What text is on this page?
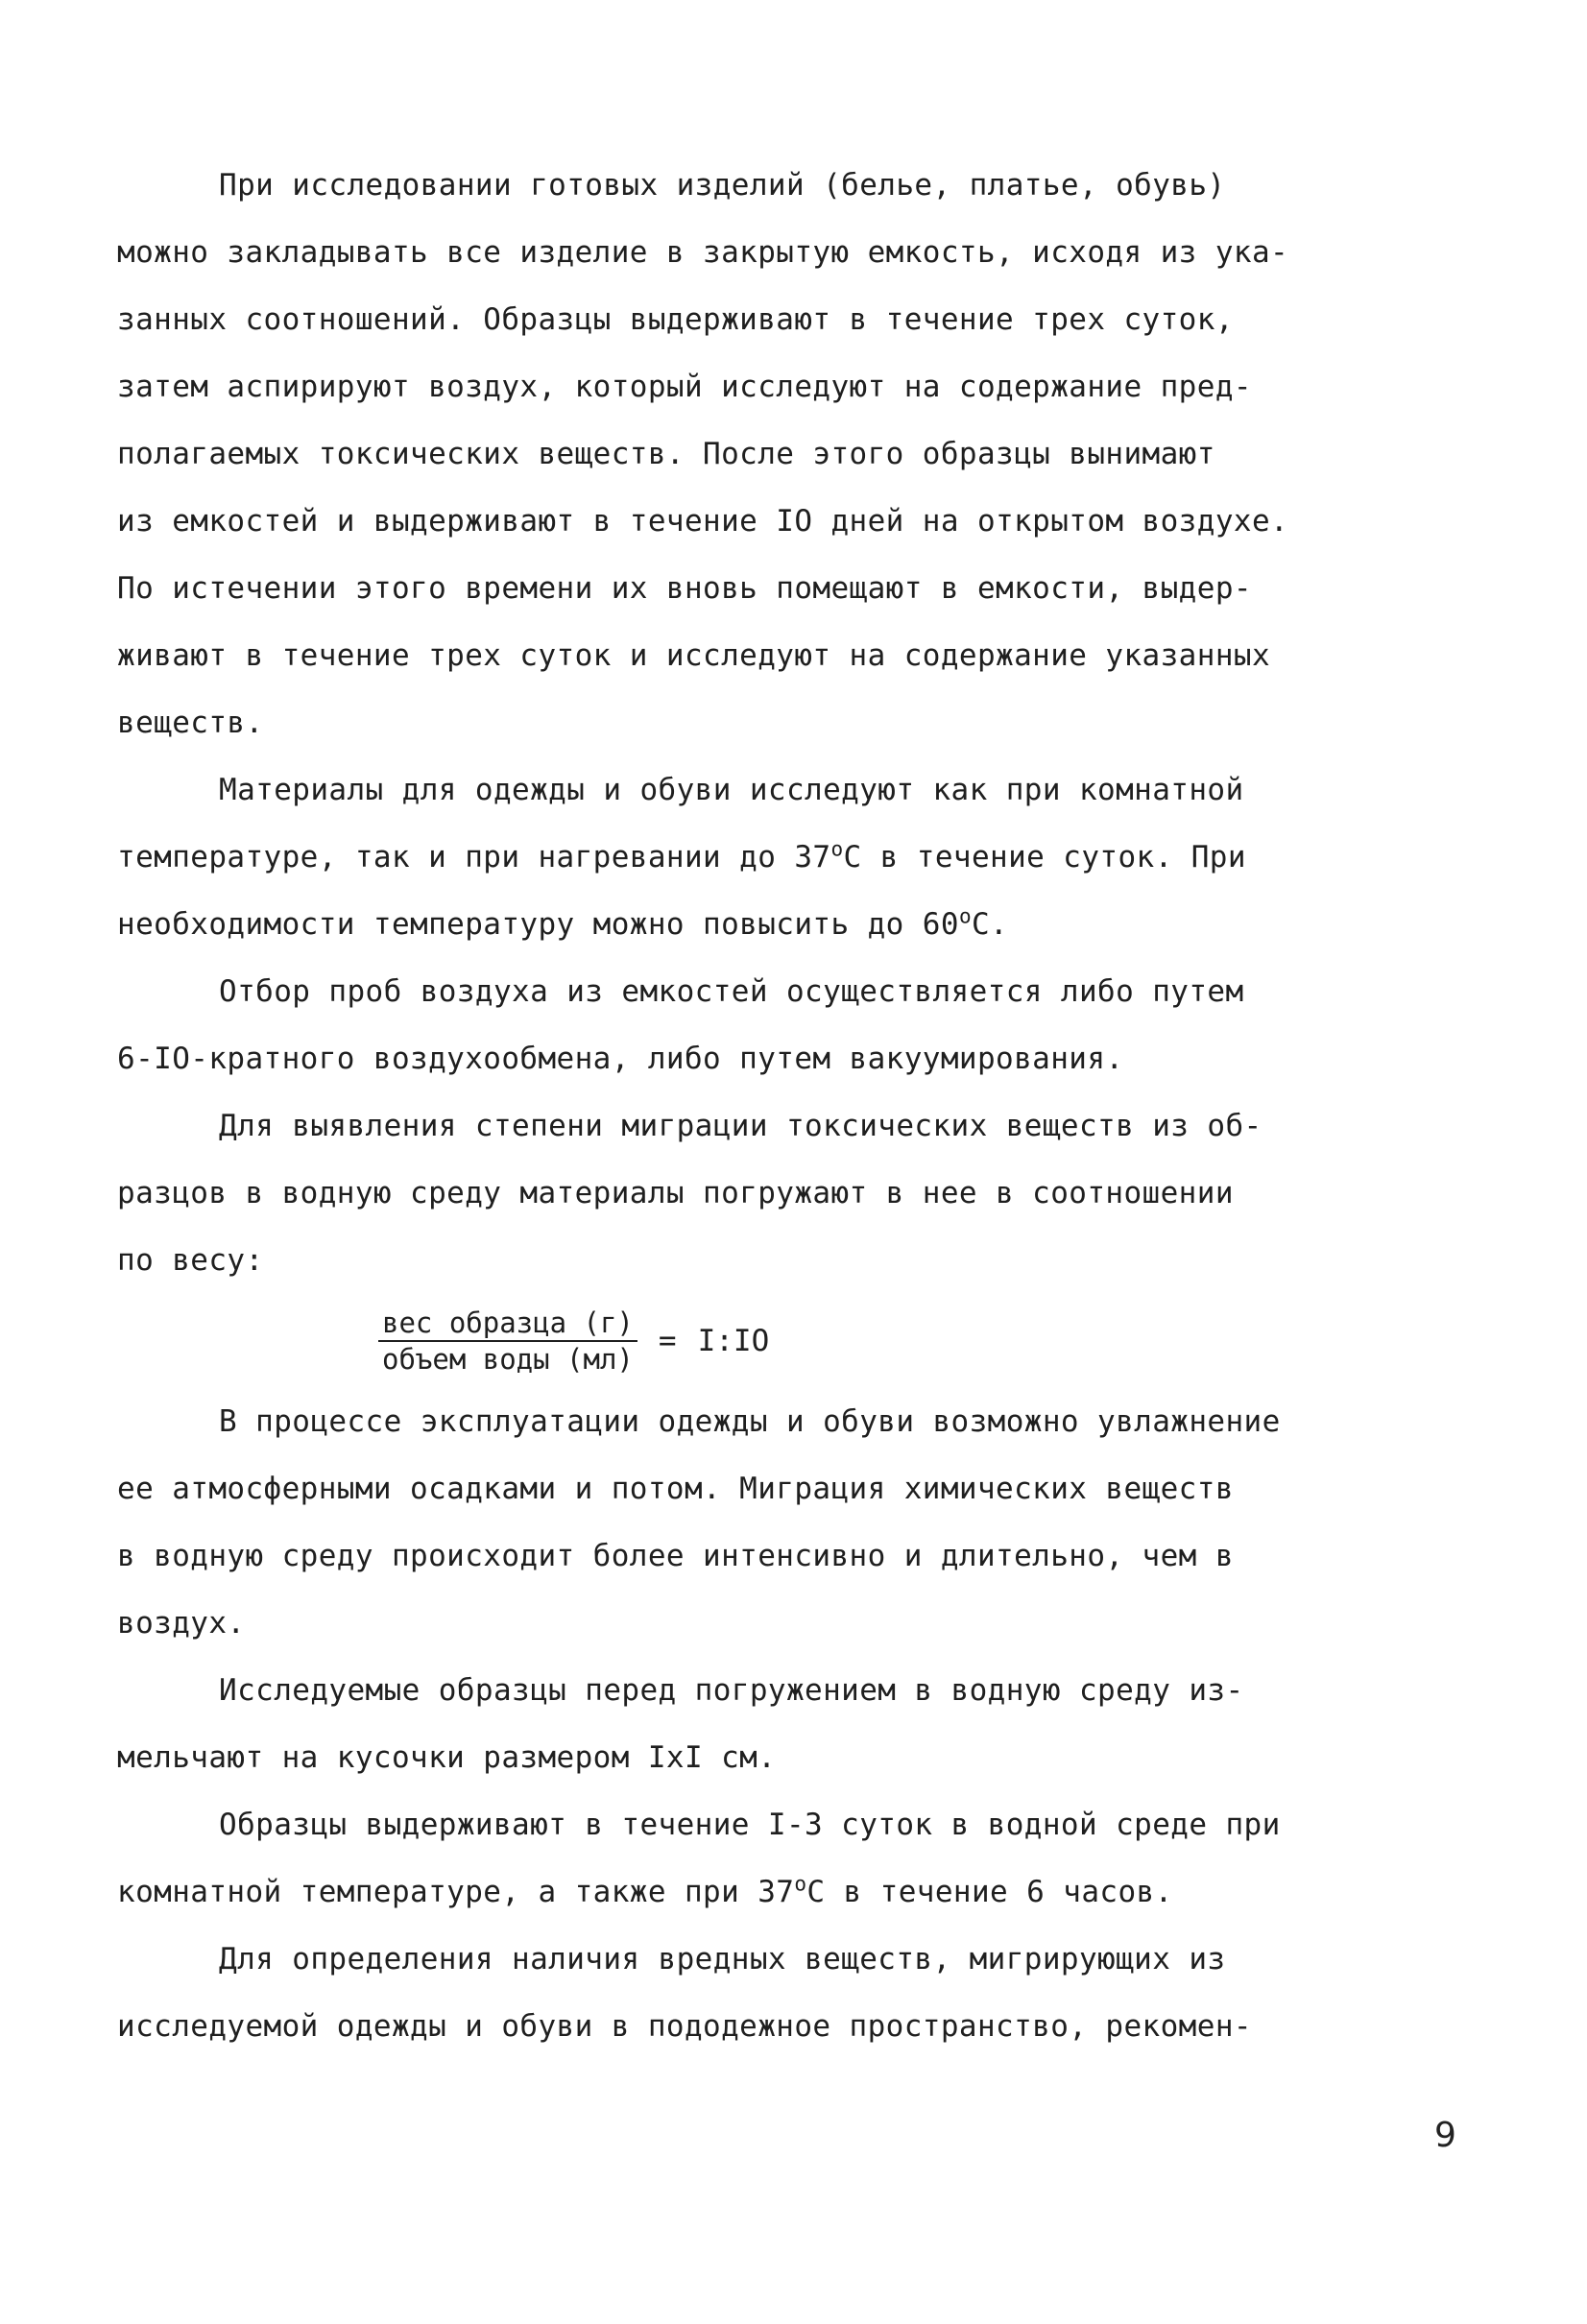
При исследовании готовых изделий (белье, платье, обувь)
можно закладывать все изделие в закрытую емкость, исходя из ука-
занных соотношений. Образцы выдерживают в течение трех суток,
затем аспирируют воздух, который исследуют на содержание пред-
полагаемых токсических веществ. После этого образцы вынимают
из емкостей и выдерживают в течение IO дней на открытом воздухе.
По истечении этого времени их вновь помещают в емкости, выдер-
живают в течение трех суток и исследуют на содержание указанных
веществ.
Материалы для одежды и обуви исследуют как при комнатной
температуре, так и при нагревании до 37$^o$С в течение суток. При
необходимости температуру можно повысить до 60$^o$С.
Отбор проб воздуха из емкостей осуществляется либо путем
6-IO-кратного воздухообмена, либо путем вакуумирования.
Для выявления степени миграции токсических веществ из об-
разцов в водную среду материалы погружают в нее в соотношении
по весу:
$\frac{\text{вес образца (г)}}{\text{объем воды (мл)}}$ = I:IO
В процессе эксплуатации одежды и обуви возможно увлажнение
ее атмосферными осадками и потом. Миграция химических веществ
в водную среду происходит более интенсивно и длительно, чем в
воздух.
Исследуемые образцы перед погружением в водную среду из-
мельчают на кусочки размером IxI см.
Образцы выдерживают в течение I-3 суток в водной среде при
комнатной температуре, а также при 37$^o$С в течение 6 часов.
Для определения наличия вредных веществ, мигрирующих из
исследуемой одежды и обуви в пододежное пространство, рекомен-
9
